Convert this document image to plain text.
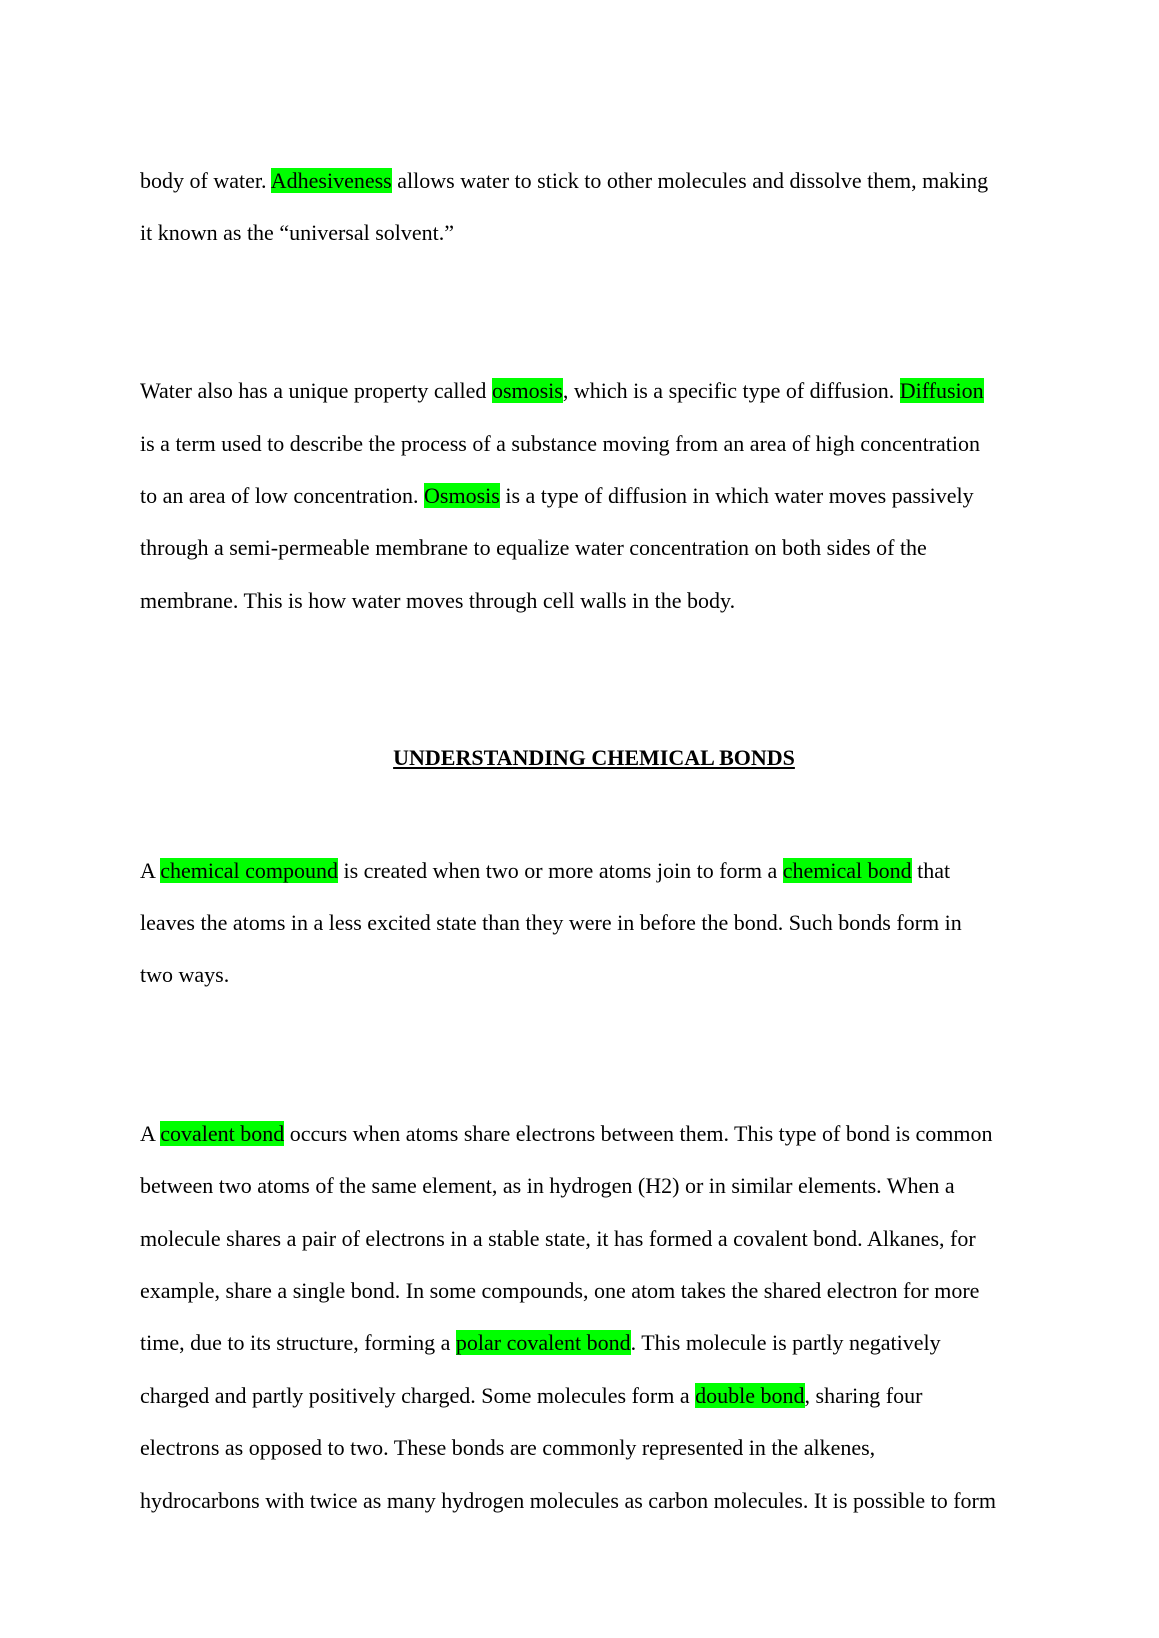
body of water. Adhesiveness allows water to stick to other molecules and dissolve them, making
it known as the “universal solvent.”
Water also has a unique property called osmosis, which is a specific type of diffusion. Diffusion
is a term used to describe the process of a substance moving from an area of high concentration
to an area of low concentration. Osmosis is a type of diffusion in which water moves passively
through a semi-permeable membrane to equalize water concentration on both sides of the
membrane. This is how water moves through cell walls in the body.
UNDERSTANDING CHEMICAL BONDS
A chemical compound is created when two or more atoms join to form a chemical bond that
leaves the atoms in a less excited state than they were in before the bond. Such bonds form in
two ways.
A covalent bond occurs when atoms share electrons between them. This type of bond is common
between two atoms of the same element, as in hydrogen (H2) or in similar elements. When a
molecule shares a pair of electrons in a stable state, it has formed a covalent bond. Alkanes, for
example, share a single bond. In some compounds, one atom takes the shared electron for more
time, due to its structure, forming a polar covalent bond. This molecule is partly negatively
charged and partly positively charged. Some molecules form a double bond, sharing four
electrons as opposed to two. These bonds are commonly represented in the alkenes,
hydrocarbons with twice as many hydrogen molecules as carbon molecules. It is possible to form
